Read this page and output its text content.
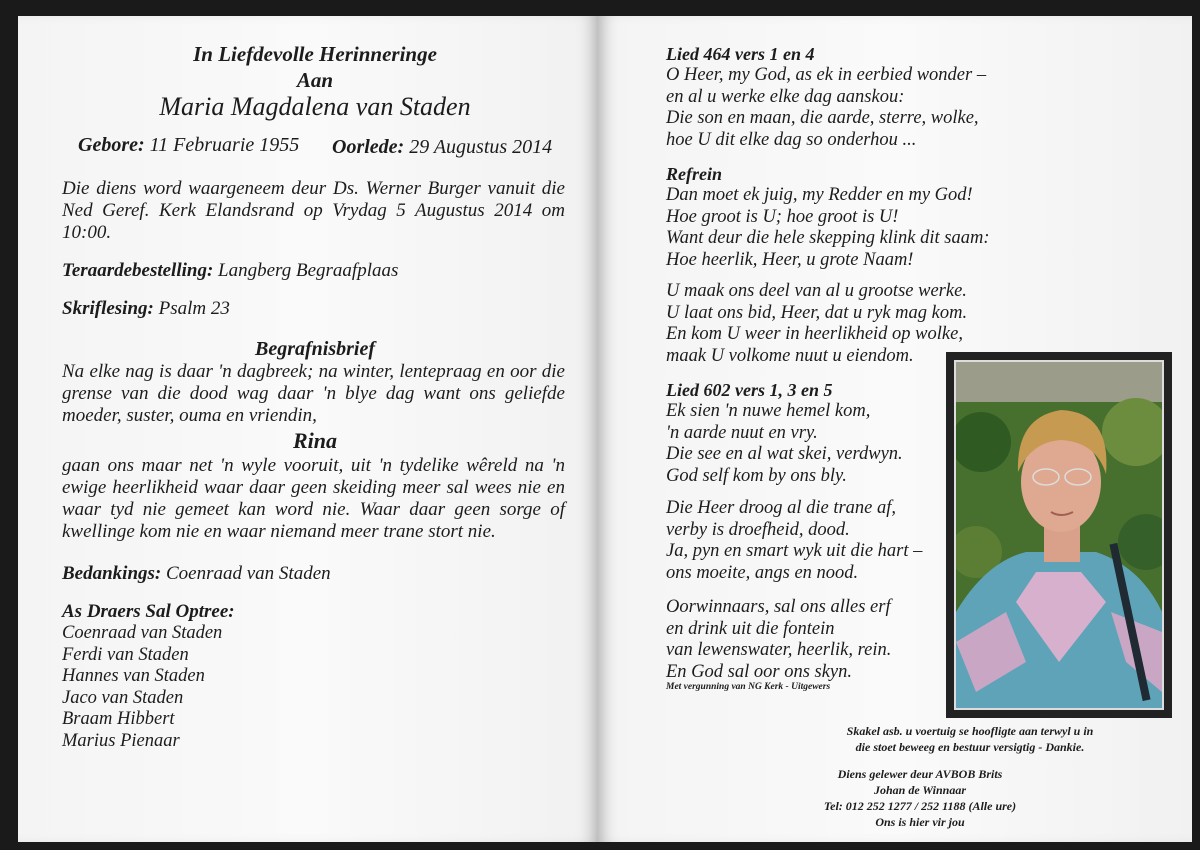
In Liefdevolle Herinneringe
Aan
Maria Magdalena van Staden
Gebore: 11 Februarie 1955 Oorlede: 29 Augustus 2014
Die diens word waargeneem deur Ds. Werner Burger vanuit die Ned Geref. Kerk Elandsrand op Vrydag 5 Augustus 2014 om 10:00.
Teraardebestelling: Langberg Begraafplaas
Skriflesing: Psalm 23
Begrafnisbrief
Na elke nag is daar 'n dagbreek; na winter, lentepraag en oor die grense van die dood wag daar 'n blye dag want ons geliefde moeder, suster, ouma en vriendin,
Rina
gaan ons maar net 'n wyle vooruit, uit 'n tydelike wêreld na 'n ewige heerlikheid waar daar geen skeiding meer sal wees nie en waar tyd nie gemeet kan word nie. Waar daar geen sorge of kwellinge kom nie en waar niemand meer trane stort nie.
Bedankings: Coenraad van Staden
As Draers Sal Optree:
Coenraad van Staden
Ferdi van Staden
Hannes van Staden
Jaco van Staden
Braam Hibbert
Marius Pienaar
Lied 464 vers 1 en 4
O Heer, my God, as ek in eerbied wonder –
en al u werke elke dag aanskou:
Die son en maan, die aarde, sterre, wolke,
hoe U dit elke dag so onderhou ...
Refrein
Dan moet ek juig, my Redder en my God!
Hoe groot is U; hoe groot is U!
Want deur die hele skepping klink dit saam:
Hoe heerlik, Heer, u grote Naam!
U maak ons deel van al u grootse werke.
U laat ons bid, Heer, dat u ryk mag kom.
En kom U weer in heerlikheid op wolke,
maak U volkome nuut u eiendom.
Lied 602 vers 1, 3 en 5
Ek sien 'n nuwe hemel kom,
'n aarde nuut en vry.
Die see en al wat skei, verdwyn.
God self kom by ons bly.
Die Heer droog al die trane af,
verby is droefheid, dood.
Ja, pyn en smart wyk uit die hart –
ons moeite, angs en nood.
Oorwinnaars, sal ons alles erf
en drink uit die fontein
van lewenswater, heerlik, rein.
En God sal oor ons skyn.
Met vergunning van NG Kerk - Uitgewers
Skakel asb. u voertuig se hoofligte aan terwyl u in
die stoet beweeg en bestuur versigtig - Dankie.
Diens gelewer deur AVBOB Brits
Johan de Winnaar
Tel: 012 252 1277 / 252 1188 (Alle ure)
Ons is hier vir jou
